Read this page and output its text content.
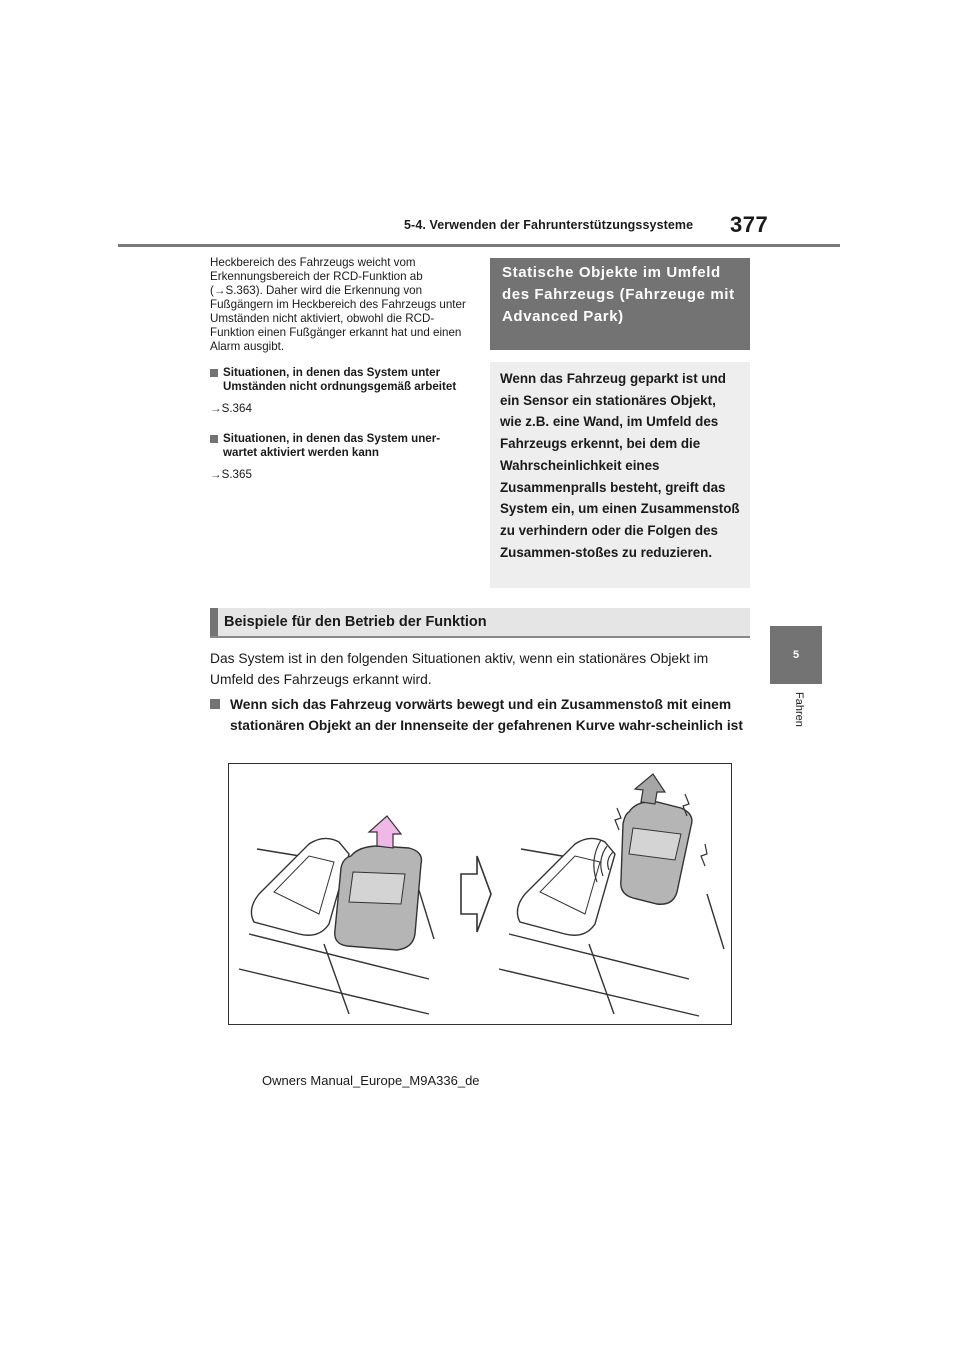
5-4. Verwenden der Fahrunterstützungssysteme 377
5
Fahren

Heckbereich des Fahrzeugs weicht vom Erkennungsbereich der RCD-Funktion ab (→S.363). Daher wird die Erkennung von Fußgängern im Heckbereich des Fahrzeugs unter Umständen nicht aktiviert, obwohl die RCD-Funktion einen Fußgänger erkannt hat und einen Alarm ausgibt.

Situationen, in denen das System unter Umständen nicht ordnungsgemäß arbeitet
→S.364
Situationen, in denen das System uner-wartet aktiviert werden kann
→S.365
Statische Objekte im Umfeld des Fahrzeugs (Fahrzeuge mit Advanced Park)
Wenn das Fahrzeug geparkt ist und ein Sensor ein stationäres Objekt, wie z.B. eine Wand, im Umfeld des Fahrzeugs erkennt, bei dem die Wahrscheinlichkeit eines Zusammenpralls besteht, greift das System ein, um einen Zusammenstoß zu verhindern oder die Folgen des Zusammen-stoßes zu reduzieren.
Beispiele für den Betrieb der Funktion
Das System ist in den folgenden Situationen aktiv, wenn ein stationäres Objekt im Umfeld des Fahrzeugs erkannt wird.
Wenn sich das Fahrzeug vorwärts bewegt und ein Zusammenstoß mit einem stationären Objekt an der Innenseite der gefahrenen Kurve wahr-scheinlich ist
Owners Manual_Europe_M9A336_de
